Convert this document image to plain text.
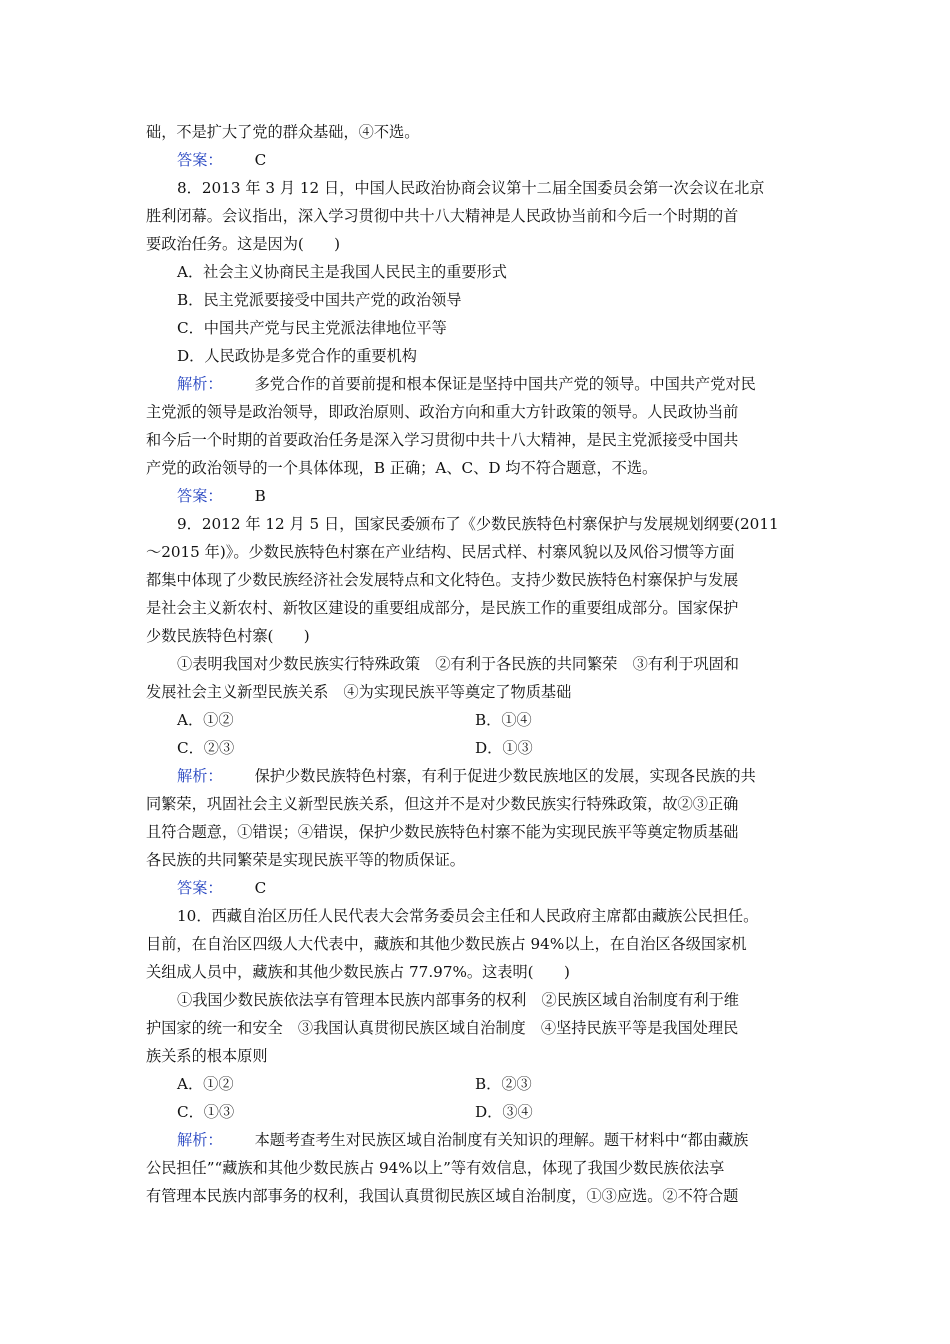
础，不是扩大了党的群众基础，④不选。
答案： C
8．2013 年 3 月 12 日，中国人民政治协商会议第十二届全国委员会第一次会议在北京
胜利闭幕。会议指出，深入学习贯彻中共十八大精神是人民政协当前和今后一个时期的首
要政治任务。这是因为(　　)
A．社会主义协商民主是我国人民民主的重要形式
B．民主党派要接受中国共产党的政治领导
C．中国共产党与民主党派法律地位平等
D．人民政协是多党合作的重要机构
解析： 多党合作的首要前提和根本保证是坚持中国共产党的领导。中国共产党对民
主党派的领导是政治领导，即政治原则、政治方向和重大方针政策的领导。人民政协当前
和今后一个时期的首要政治任务是深入学习贯彻中共十八大精神，是民主党派接受中国共
产党的政治领导的一个具体体现，B 正确；A、C、D 均不符合题意，不选。
答案： B
9．2012 年 12 月 5 日，国家民委颁布了《少数民族特色村寨保护与发展规划纲要(2011
～2015 年)》。少数民族特色村寨在产业结构、民居式样、村寨风貌以及风俗习惯等方面
都集中体现了少数民族经济社会发展特点和文化特色。支持少数民族特色村寨保护与发展
是社会主义新农村、新牧区建设的重要组成部分，是民族工作的重要组成部分。国家保护
少数民族特色村寨(　　)
①表明我国对少数民族实行特殊政策　②有利于各民族的共同繁荣　③有利于巩固和
发展社会主义新型民族关系　④为实现民族平等奠定了物质基础
A．①②	B．①④
C．②③	D．①③
解析： 保护少数民族特色村寨，有利于促进少数民族地区的发展，实现各民族的共
同繁荣，巩固社会主义新型民族关系，但这并不是对少数民族实行特殊政策，故②③正确
且符合题意，①错误；④错误，保护少数民族特色村寨不能为实现民族平等奠定物质基础
各民族的共同繁荣是实现民族平等的物质保证。
答案： C
10．西藏自治区历任人民代表大会常务委员会主任和人民政府主席都由藏族公民担任。
目前，在自治区四级人大代表中，藏族和其他少数民族占 94%以上，在自治区各级国家机
关组成人员中，藏族和其他少数民族占 77.97%。这表明(　　)
①我国少数民族依法享有管理本民族内部事务的权利　②民族区域自治制度有利于维
护国家的统一和安全　③我国认真贯彻民族区域自治制度　④坚持民族平等是我国处理民
族关系的根本原则
A．①②	B．②③
C．①③	D．③④
解析： 本题考查考生对民族区域自治制度有关知识的理解。题干材料中“都由藏族
公民担任”“藏族和其他少数民族占 94%以上”等有效信息，体现了我国少数民族依法享
有管理本民族内部事务的权利，我国认真贯彻民族区域自治制度，①③应选。②不符合题
